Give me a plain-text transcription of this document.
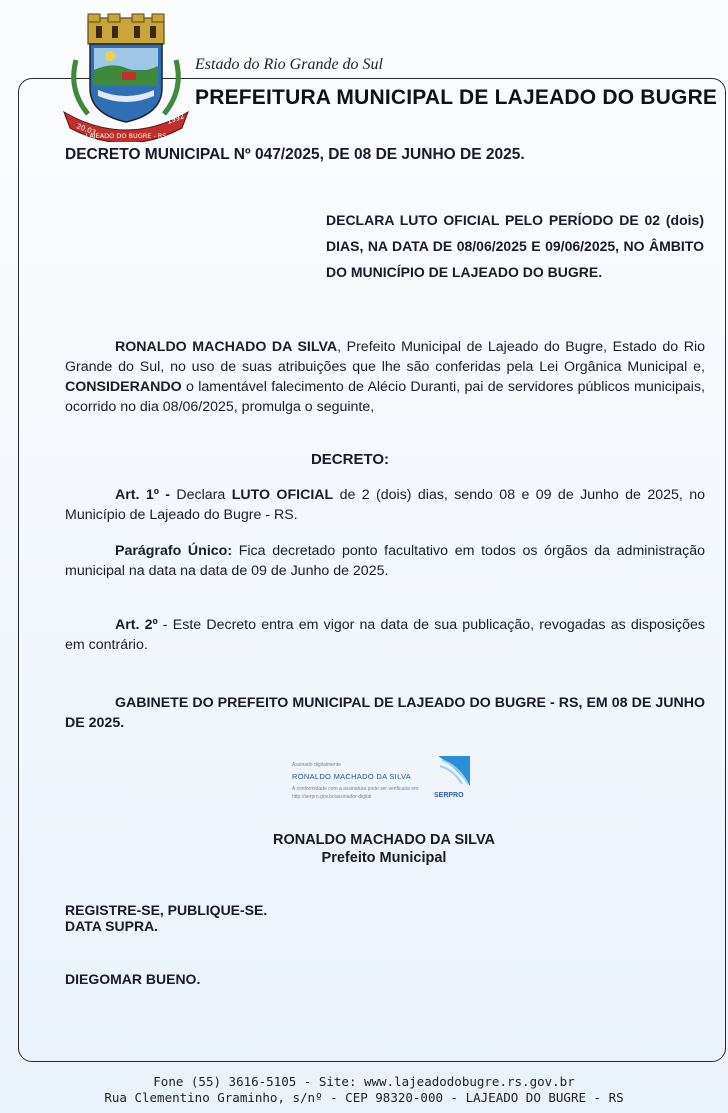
20.03
LAJEADO DO BUGRE - RS
1992
Estado do Rio Grande do Sul
PREFEITURA MUNICIPAL DE LAJEADO DO BUGRE
DECRETO MUNICIPAL Nº 047/2025, DE 08 DE JUNHO DE 2025.
DECLARA LUTO OFICIAL PELO PERÍODO DE 02 (dois) DIAS, NA DATA DE 08/06/2025 E 09/06/2025, NO ÂMBITO DO MUNICÍPIO DE LAJEADO DO BUGRE.
RONALDO MACHADO DA SILVA, Prefeito Municipal de Lajeado do Bugre, Estado do Rio Grande do Sul, no uso de suas atribuições que lhe são conferidas pela Lei Orgânica Municipal e, CONSIDERANDO o lamentável falecimento de Alécio Duranti, pai de servidores públicos municipais, ocorrido no dia 08/06/2025, promulga o seguinte,
DECRETO:
Art. 1º - Declara LUTO OFICIAL de 2 (dois) dias, sendo 08 e 09 de Junho de 2025, no Município de Lajeado do Bugre - RS.
Parágrafo Único: Fica decretado ponto facultativo em todos os órgãos da administração municipal na data na data de 09 de Junho de 2025.
Art. 2º - Este Decreto entra em vigor na data de sua publicação, revogadas as disposições em contrário.
GABINETE DO PREFEITO MUNICIPAL DE LAJEADO DO BUGRE - RS, EM 08 DE JUNHO DE 2025.
Assinado digitalmente
RONALDO MACHADO DA SILVA
A conformidade com a assinatura pode ser verificada em:
http://serpro.gov.br/assinador-digital	SERPRO
RONALDO MACHADO DA SILVA
Prefeito Municipal
REGISTRE-SE, PUBLIQUE-SE.
DATA SUPRA.
DIEGOMAR BUENO.
Fone (55) 3616-5105 - Site: www.lajeadodobugre.rs.gov.br
Rua Clementino Graminho, s/nº - CEP 98320-000 - LAJEADO DO BUGRE - RS
